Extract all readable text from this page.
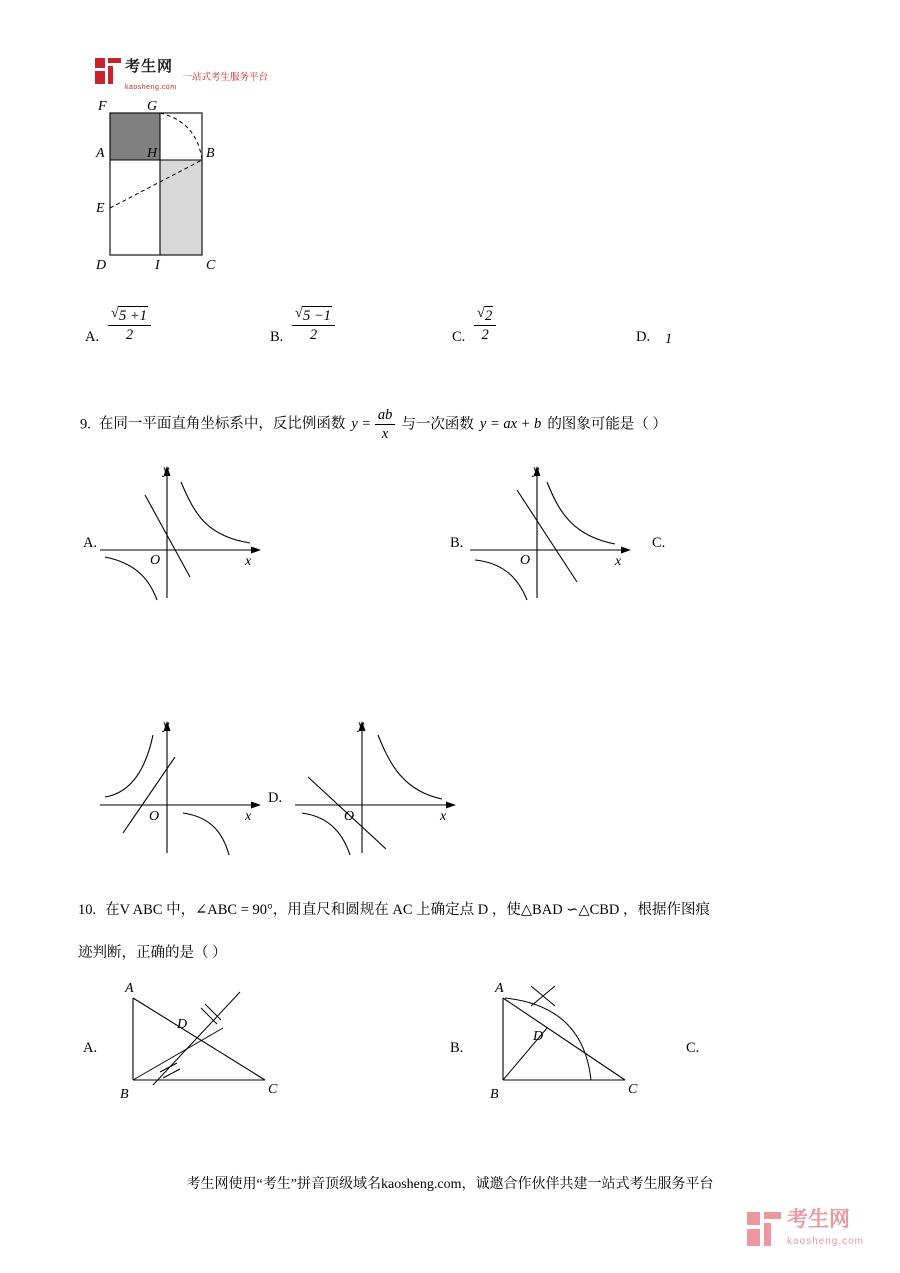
考生网
kaosheng.com
一站式考生服务平台
F	G
A	H	B
E
D	I	C
A. √ $\frac{5 +1}{2}$	B. √ $\frac{5 -1}{2}$	C. √ $\frac{2}{2}$	D. 1
9. 在同一平面直角坐标系中，反比例函数 $y = \frac{ab}{x}$ 与一次函数 y = ax + b 的图象可能是（ ）
A.
y
x
O
B.
y
x
O
C.
y
x
O
D.
y
x
O
10. 在V ABC 中，∠ABC = 90°，用直尺和圆规在 AC 上确定点 D ，使△BAD ∽△CBD ，根据作图痕
迹判断，正确的是（ ）
A.
A
D
B	C
B.
A
D
B	C
C.
考生网使用“考生”拼音顶级域名kaosheng.com，诚邀合作伙伴共建一站式考生服务平台
考生网
kaosheng.com
